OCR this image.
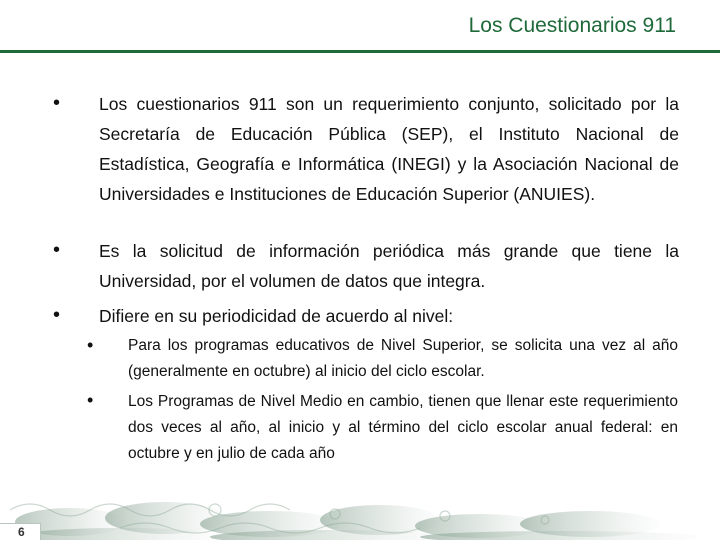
Los Cuestionarios 911
• Los cuestionarios 911 son un requerimiento conjunto, solicitado por la Secretaría de Educación Pública (SEP), el Instituto Nacional de Estadística, Geografía e Informática (INEGI) y la Asociación Nacional de Universidades e Instituciones de Educación Superior (ANUIES).
• Es la solicitud de información periódica más grande que tiene la Universidad, por el volumen de datos que integra.
• Difiere en su periodicidad de acuerdo al nivel:
• Para los programas educativos de Nivel Superior, se solicita una vez al año (generalmente en octubre) al inicio del ciclo escolar.
• Los Programas de Nivel Medio en cambio, tienen que llenar este requerimiento dos veces al año, al inicio y al término del ciclo escolar anual federal: en octubre y en julio de cada año
6
